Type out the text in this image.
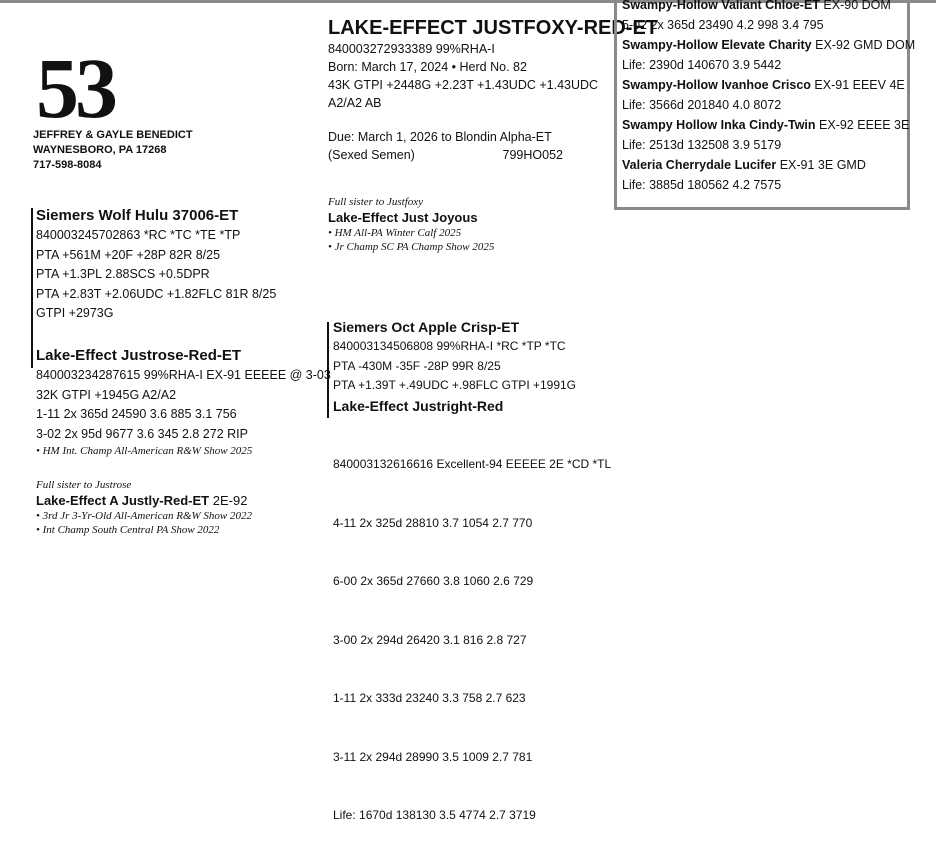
53
JEFFREY & GAYLE BENEDICT
WAYNESBORO, PA 17268
717-598-8084
LAKE-EFFECT JUSTFOXY-RED-ET
840003272933389 99%RHA-I
Born: March 17, 2024 • Herd No. 82
43K GTPI +2448G +2.23T +1.43UDC +1.43UDC
A2/A2 AB
Due: March 1, 2026 to Blondin Alpha-ET
(Sexed Semen)	799HO052
Full sister to Justfoxy
Lake-Effect Just Joyous
• HM All-PA Winter Calf 2025
• Jr Champ SC PA Champ Show 2025
Swampy-Hollow Valiant Chloe-ET EX-90 DOM
5-02 2x 365d 23490 4.2 998 3.4 795
Swampy-Hollow Elevate Charity EX-92 GMD DOM
Life: 2390d 140670 3.9 5442
Swampy-Hollow Ivanhoe Crisco EX-91 EEEV 4E
Life: 3566d 201840 4.0 8072
Swampy Hollow Inka Cindy-Twin EX-92 EEEE 3E
Life: 2513d 132508 3.9 5179
Valeria Cherrydale Lucifer EX-91 3E GMD
Life: 3885d 180562 4.2 7575
Siemers Wolf Hulu 37006-ET
840003245702863 *RC *TC *TE *TP
PTA +561M +20F +28P 82R 8/25
PTA +1.3PL 2.88SCS +0.5DPR
PTA +2.83T +2.06UDC +1.82FLC 81R 8/25
GTPI +2973G
Lake-Effect Justrose-Red-ET
840003234287615 99%RHA-I EX-91 EEEEE @ 3-03
32K GTPI +1945G A2/A2
1-11 2x 365d 24590 3.6 885 3.1 756
3-02 2x 95d 9677 3.6 345 2.8 272 RIP
• HM Int. Champ All-American R&W Show 2025
Full sister to Justrose
Lake-Effect A Justly-Red-ET 2E-92
• 3rd Jr 3-Yr-Old All-American R&W Show 2022
• Int Champ South Central PA Show 2022
Siemers Oct Apple Crisp-ET
840003134506808 99%RHA-I *RC *TP *TC
PTA -430M -35F -28P 99R 8/25
PTA +1.39T +.49UDC +.98FLC GTPI +1991G
Lake-Effect Justright-Red

840003132616616 Excellent-94 EEEEE 2E *CD *TL

4-11 2x 325d 28810 3.7 1054 2.7 770

6-00 2x 365d 27660 3.8 1060 2.6 729

3-00 2x 294d 26420 3.1 816 2.8 727

1-11 2x 333d 23240 3.3 758 2.7 623

3-11 2x 294d 28990 3.5 1009 2.7 781

Life: 1670d 138130 3.5 4774 2.7 3719
